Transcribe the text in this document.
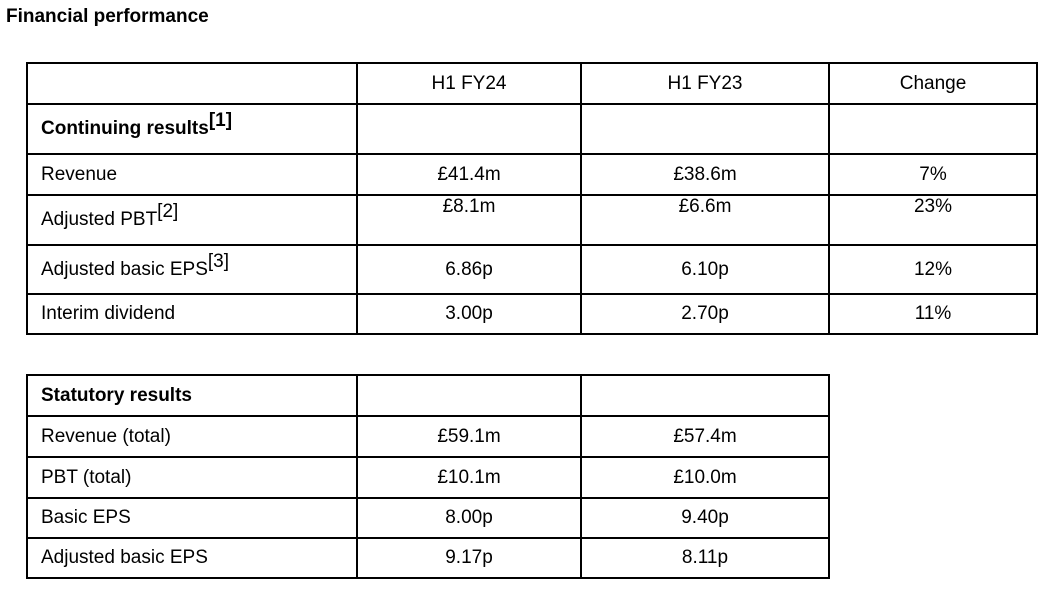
Financial performance
	H1 FY24	H1 FY23	Change
Continuing results[1]			
Revenue	£41.4m	£38.6m	7%
Adjusted PBT[2]	£8.1m	£6.6m	23%
Adjusted basic EPS[3]	6.86p	6.10p	12%
Interim dividend	3.00p	2.70p	11%
Statutory results		
Revenue (total)	£59.1m	£57.4m
PBT (total)	£10.1m	£10.0m
Basic EPS	8.00p	9.40p
Adjusted basic EPS	9.17p	8.11p
